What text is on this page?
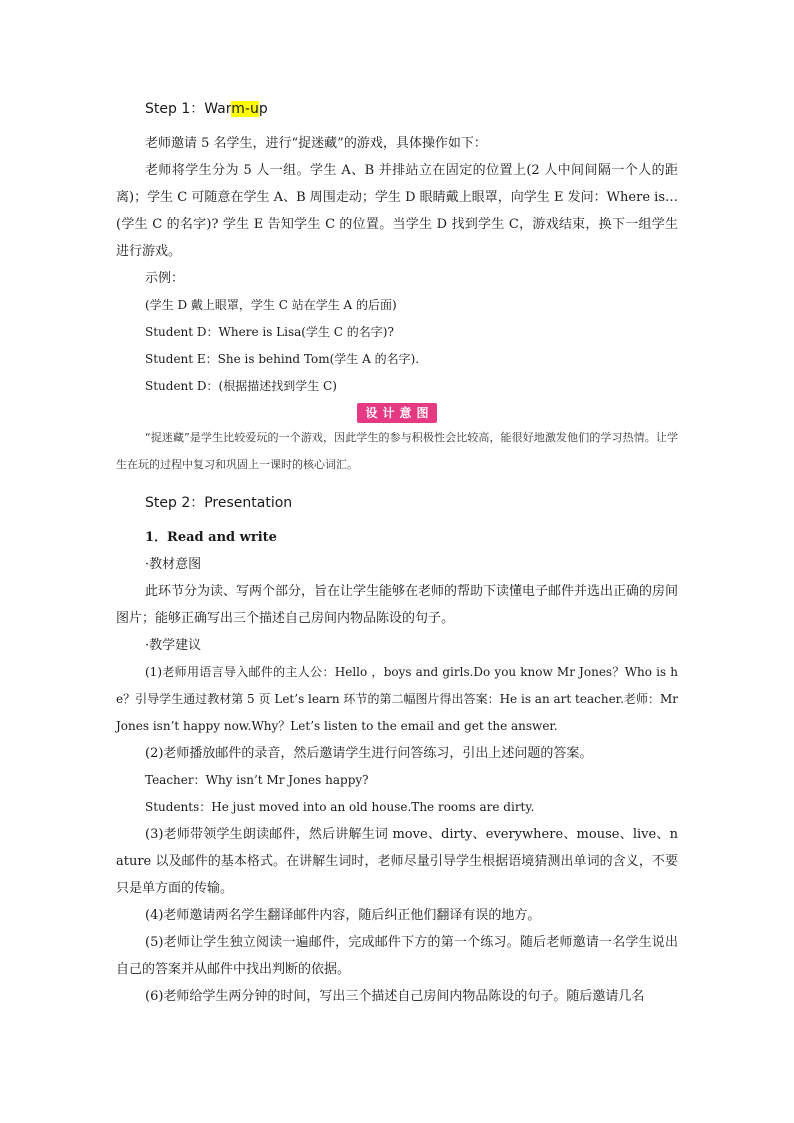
Step 1：Warm-up

老师邀请 5 名学生，进行“捉迷藏”的游戏，具体操作如下：

老师将学生分为 5 人一组。学生 A、B 并排站立在固定的位置上(2 人中间间隔一个人的距离)；学生 C 可随意在学生 A、B 周围走动；学生 D 眼睛戴上眼罩，向学生 E 发问：Where is…(学生 C 的名字)? 学生 E 告知学生 C 的位置。当学生 D 找到学生 C，游戏结束，换下一组学生进行游戏。

示例：

(学生 D 戴上眼罩，学生 C 站在学生 A 的后面)

Student D：Where is Lisa(学生 C 的名字)?

Student E：She is behind Tom(学生 A 的名字).

Student D：(根据描述找到学生 C)

设计意图

“捉迷藏”是学生比较爱玩的一个游戏，因此学生的参与积极性会比较高，能很好地激发他们的学习热情。让学生在玩的过程中复习和巩固上一课时的核心词汇。

Step 2：Presentation

1．Read and write

·教材意图

此环节分为读、写两个部分，旨在让学生能够在老师的帮助下读懂电子邮件并选出正确的房间图片；能够正确写出三个描述自己房间内物品陈设的句子。

·教学建议

(1)老师用语言导入邮件的主人公：Hello ，boys and girls.Do you know Mr Jones？Who is he？引导学生通过教材第 5 页 Let’s learn 环节的第二幅图片得出答案：He is an art teacher.老师：Mr Jones isn’t happy now.Why？Let’s listen to the email and get the answer.

(2)老师播放邮件的录音，然后邀请学生进行问答练习，引出上述问题的答案。

Teacher：Why isn’t Mr Jones happy?

Students：He just moved into an old house.The rooms are dirty.

(3)老师带领学生朗读邮件，然后讲解生词 move、dirty、everywhere、mouse、live、nature 以及邮件的基本格式。在讲解生词时，老师尽量引导学生根据语境猜测出单词的含义，不要只是单方面的传输。

(4)老师邀请两名学生翻译邮件内容，随后纠正他们翻译有误的地方。

(5)老师让学生独立阅读一遍邮件，完成邮件下方的第一个练习。随后老师邀请一名学生说出自己的答案并从邮件中找出判断的依据。

(6)老师给学生两分钟的时间，写出三个描述自己房间内物品陈设的句子。随后邀请几名
